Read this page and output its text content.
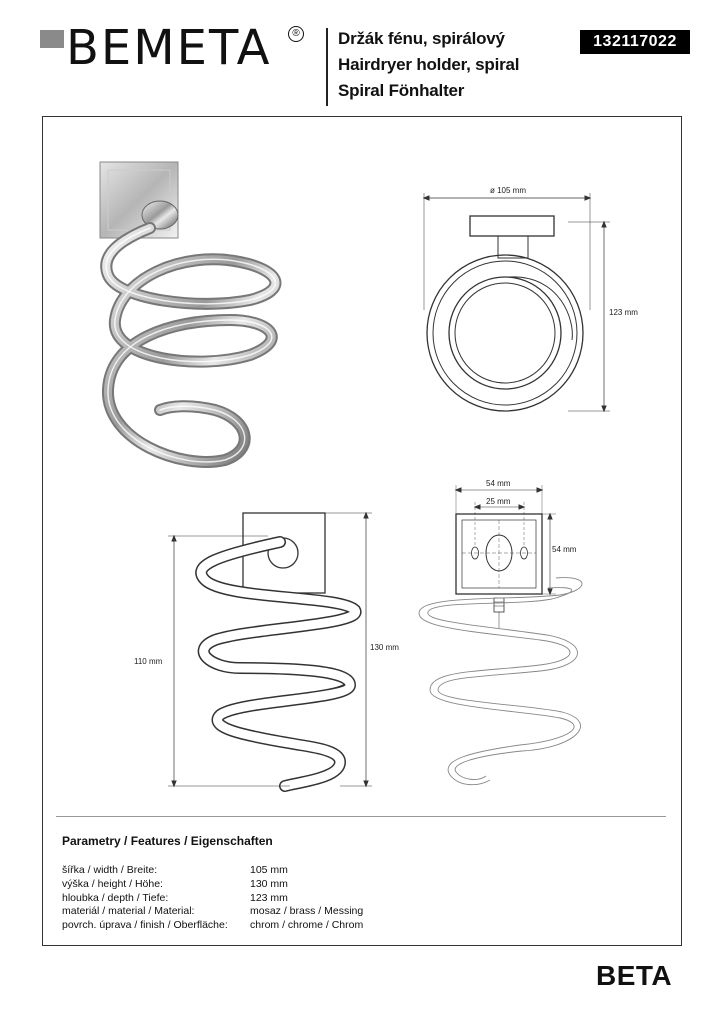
BEMETA	® Držák fénu, spirálový
Hairdryer holder, spiral
Spiral Fönhalter
132117022
ø 105 mm
123 mm
110 mm
130 mm
54 mm
25 mm
54 mm
Parametry / Features / Eigenschaften
šířka / width / Breite:	105 mm
výška / height / Höhe:	130 mm
hloubka / depth / Tiefe:	123 mm
materiál / material / Material:	mosaz / brass / Messing
povrch. úprava / finish / Oberfläche:	chrom / chrome / Chrom
BETA
